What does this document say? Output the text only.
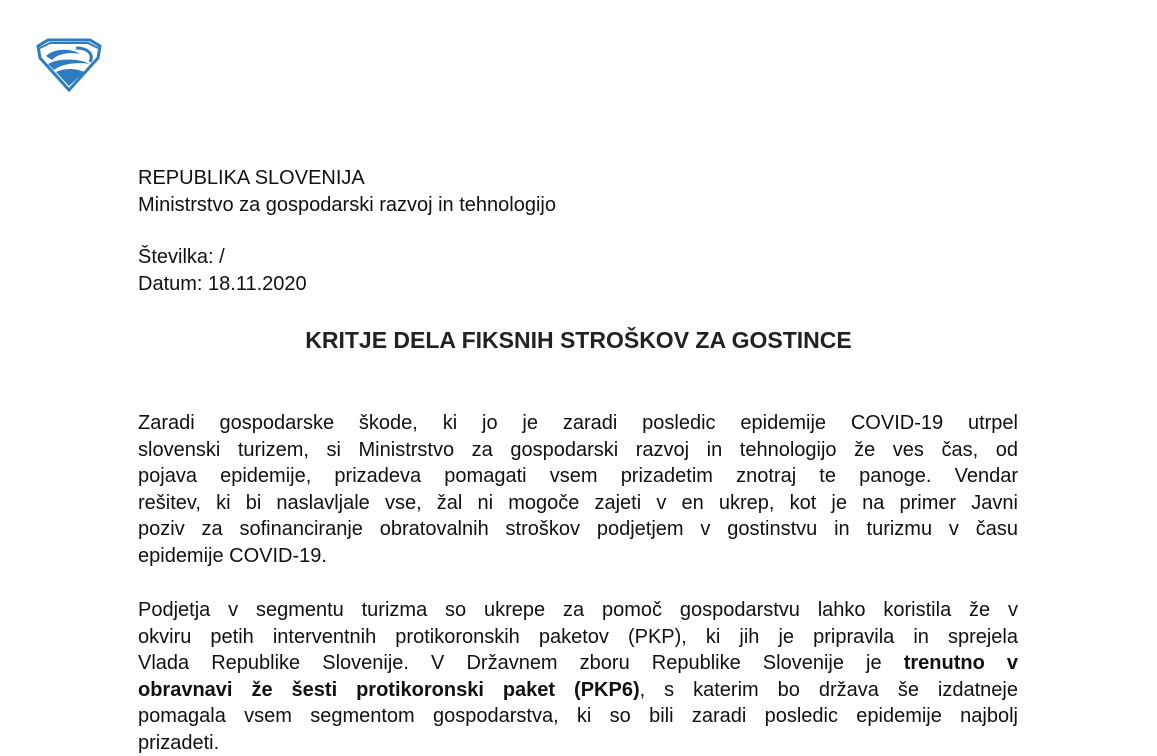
REPUBLIKA SLOVENIJA
Ministrstvo za gospodarski razvoj in tehnologijo
Številka: /
Datum: 18.11.2020
KRITJE DELA FIKSNIH STROŠKOV ZA GOSTINCE
Zaradi gospodarske škode, ki jo je zaradi posledic epidemije COVID-19 utrpel
slovenski turizem, si Ministrstvo za gospodarski razvoj in tehnologijo že ves čas, od
pojava epidemije, prizadeva pomagati vsem prizadetim znotraj te panoge. Vendar
rešitev, ki bi naslavljale vse, žal ni mogoče zajeti v en ukrep, kot je na primer Javni
poziv za sofinanciranje obratovalnih stroškov podjetjem v gostinstvu in turizmu v času
epidemije COVID-19.
Podjetja v segmentu turizma so ukrepe za pomoč gospodarstvu lahko koristila že v
okviru petih interventnih protikoronskih paketov (PKP), ki jih je pripravila in sprejela
Vlada Republike Slovenije. V Državnem zboru Republike Slovenije je trenutno v
obravnavi že šesti protikoronski paket (PKP6), s katerim bo država še izdatneje
pomagala vsem segmentom gospodarstva, ki so bili zaradi posledic epidemije najbolj
prizadeti.
